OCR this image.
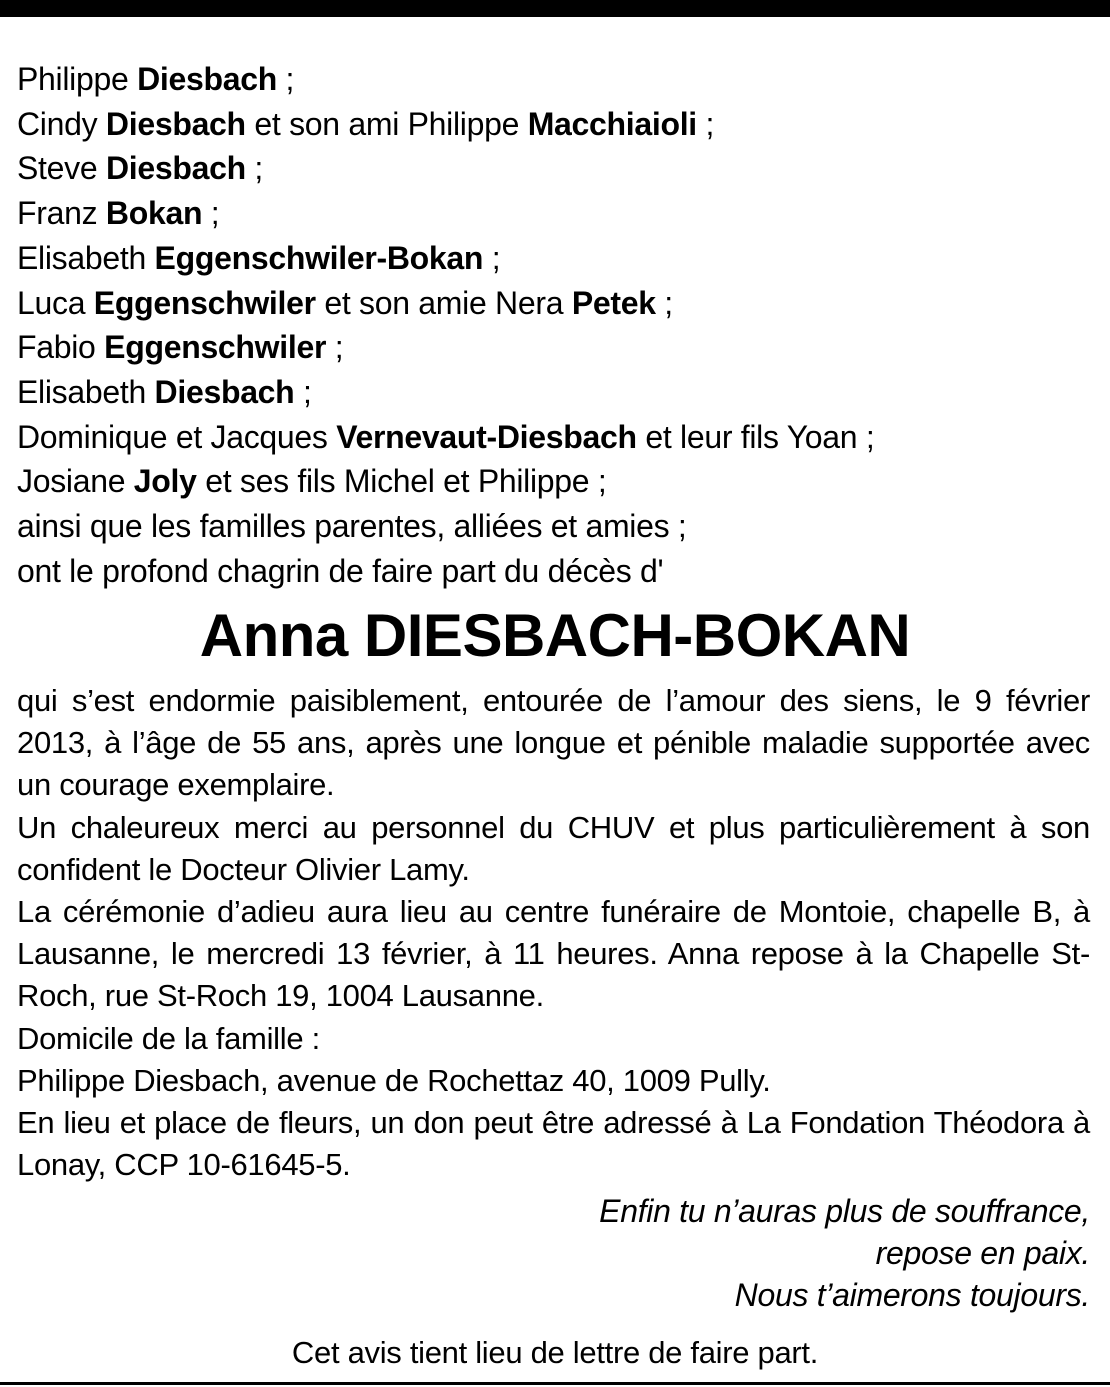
Philippe Diesbach ;
Cindy Diesbach et son ami Philippe Macchiaioli ;
Steve Diesbach ;
Franz Bokan ;
Elisabeth Eggenschwiler-Bokan ;
Luca Eggenschwiler et son amie Nera Petek ;
Fabio Eggenschwiler ;
Elisabeth Diesbach ;
Dominique et Jacques Vernevaut-Diesbach et leur fils Yoan ;
Josiane Joly et ses fils Michel et Philippe ;
ainsi que les familles parentes, alliées et amies ;
ont le profond chagrin de faire part du décès d'
Anna DIESBACH-BOKAN

qui s’est endormie paisiblement, entourée de l’amour des siens, le 9 février 2013, à l’âge de 55 ans, après une longue et pénible maladie supportée avec un courage exemplaire.

Un chaleureux merci au personnel du CHUV et plus particulièrement à son confident le Docteur Olivier Lamy.

La cérémonie d’adieu aura lieu au centre funéraire de Montoie, chapelle B, à Lausanne, le mercredi 13 février, à 11 heures. Anna repose à la Chapelle St-Roch, rue St-Roch 19, 1004 Lausanne.

Domicile de la famille :

Philippe Diesbach, avenue de Rochettaz 40, 1009 Pully.

En lieu et place de fleurs, un don peut être adressé à La Fondation Théodora à Lonay, CCP 10-61645-5.

Enfin tu n’auras plus de souffrance,
repose en paix.
Nous t’aimerons toujours.
Cet avis tient lieu de lettre de faire part.
